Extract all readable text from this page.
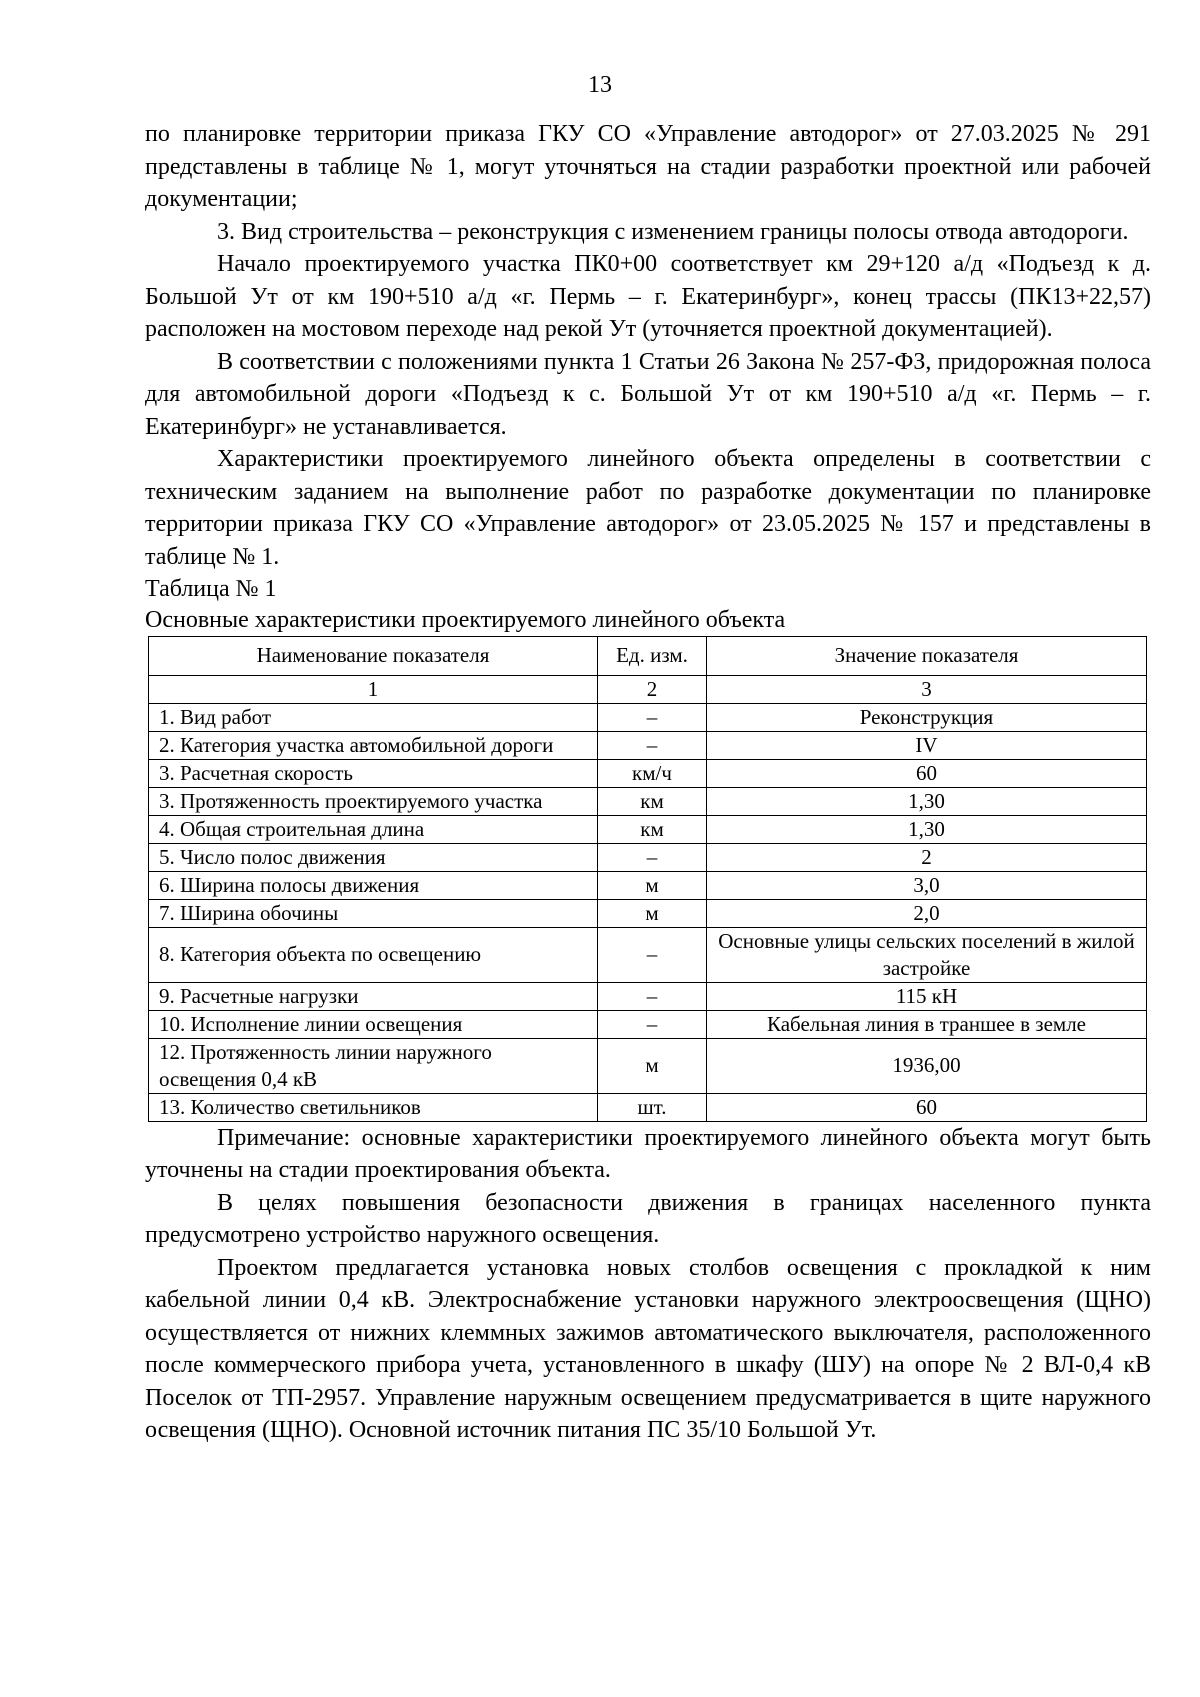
13

по планировке территории приказа ГКУ СО «Управление автодорог» от 27.03.2025 № 291 представлены в таблице № 1, могут уточняться на стадии разработки проектной или рабочей документации;

3. Вид строительства – реконструкция с изменением границы полосы отвода автодороги.

Начало проектируемого участка ПК0+00 соответствует км 29+120 а/д «Подъезд к д. Большой Ут от км 190+510 а/д «г. Пермь – г. Екатеринбург», конец трассы (ПК13+22,57) расположен на мостовом переходе над рекой Ут (уточняется проектной документацией).

В соответствии с положениями пункта 1 Статьи 26 Закона № 257-ФЗ, придорожная полоса для автомобильной дороги «Подъезд к с. Большой Ут от км 190+510 а/д «г. Пермь – г. Екатеринбург» не устанавливается.

Характеристики проектируемого линейного объекта определены в соответствии с техническим заданием на выполнение работ по разработке документации по планировке территории приказа ГКУ СО «Управление автодорог» от 23.05.2025 № 157 и представлены в таблице № 1.

Таблица № 1

Основные характеристики проектируемого линейного объекта

Наименование показателя	Ед. изм.	Значение показателя
1	2	3
1. Вид работ	–	Реконструкция
2. Категория участка автомобильной дороги	–	IV
3. Расчетная скорость	км/ч	60
3. Протяженность проектируемого участка	км	1,30
4. Общая строительная длина	км	1,30
5. Число полос движения	–	2
6. Ширина полосы движения	м	3,0
7. Ширина обочины	м	2,0
8. Категория объекта по освещению	–	Основные улицы сельских поселений в жилой застройке
9. Расчетные нагрузки	–	115 кН
10. Исполнение линии освещения	–	Кабельная линия в траншее в земле
12. Протяженность линии наружного освещения 0,4 кВ	м	1936,00
13. Количество светильников	шт.	60

Примечание: основные характеристики проектируемого линейного объекта могут быть уточнены на стадии проектирования объекта.

В целях повышения безопасности движения в границах населенного пункта предусмотрено устройство наружного освещения.

Проектом предлагается установка новых столбов освещения с прокладкой к ним кабельной линии 0,4 кВ. Электроснабжение установки наружного электроосвещения (ЩНО) осуществляется от нижних клеммных зажимов автоматического выключателя, расположенного после коммерческого прибора учета, установленного в шкафу (ШУ) на опоре № 2 ВЛ-0,4 кВ Поселок от ТП-2957. Управление наружным освещением предусматривается в щите наружного освещения (ЩНО). Основной источник питания ПС 35/10 Большой Ут.
